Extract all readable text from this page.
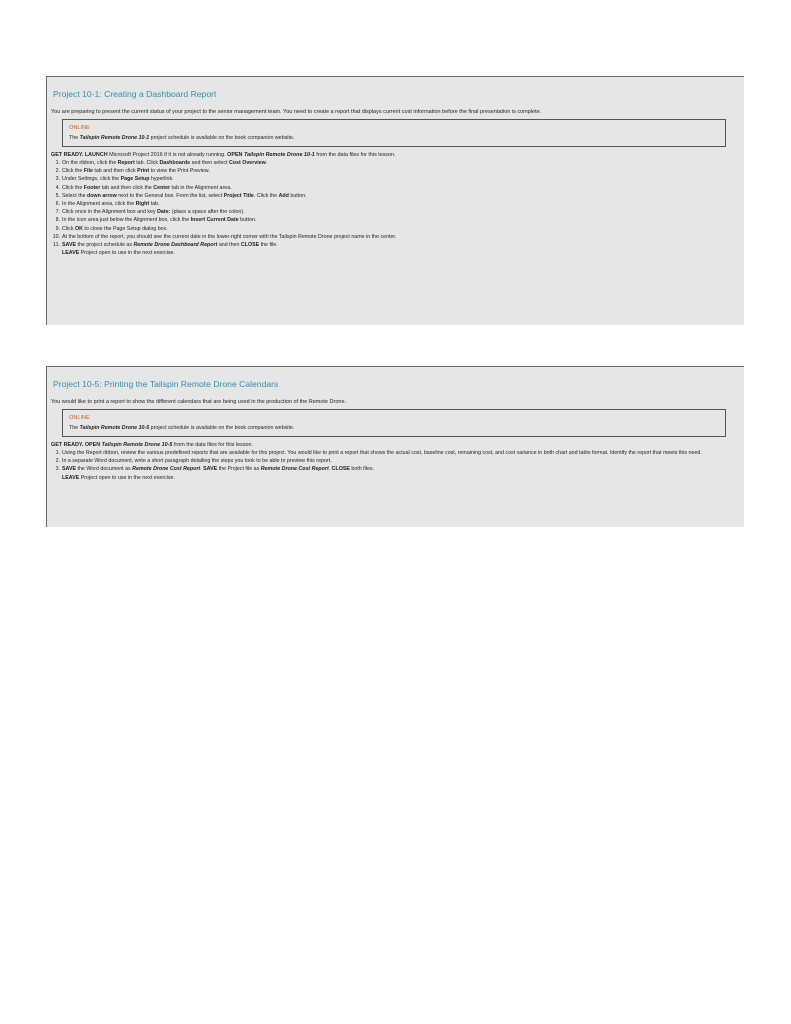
Project 10-1: Creating a Dashboard Report
You are preparing to present the current status of your project to the senior management team. You need to create a report that displays current cost information before the final presentation is complete.
ONLINE
The Tailspin Remote Drone 10-1 project schedule is available on the book companion website.
GET READY. LAUNCH Microsoft Project 2016 if it is not already running. OPEN Tailspin Remote Drone 10-1 from the data files for this lesson.
1. On the ribbon, click the Report tab. Click Dashboards and then select Cost Overview.
2. Click the File tab and then click Print to view the Print Preview.
3. Under Settings, click the Page Setup hyperlink.
4. Click the Footer tab and then click the Center tab in the Alignment area.
5. Select the down arrow next to the General box. From the list, select Project Title. Click the Add button.
6. In the Alignment area, click the Right tab.
7. Click once in the Alignment box and key Date: (place a space after the colon).
8. In the icon area just below the Alignment box, click the Insert Current Date button.
9. Click OK to close the Page Setup dialog box.
10. At the bottom of the report, you should see the current date in the lower-right corner with the Tailspin Remote Drone project name in the center.
11. SAVE the project schedule as Remote Drone Dashboard Report and then CLOSE the file.
LEAVE Project open to use in the next exercise.
Project 10-5: Printing the Tailspin Remote Drone Calendars
You would like to print a report to show the different calendars that are being used in the production of the Remote Drone.
ONLINE
The Tailspin Remote Drone 10-5 project schedule is available on the book companion website.
GET READY. OPEN Tailspin Remote Drone 10-5 from the data files for this lesson.
1. Using the Report ribbon, review the various predefined reports that are available for this project. You would like to print a report that shows the actual cost, baseline cost, remaining cost, and cost variance in both chart and table format. Identify the report that meets this need.
2. In a separate Word document, write a short paragraph detailing the steps you took to be able to preview this report.
3. SAVE the Word document as Remote Drone Cost Report. SAVE the Project file as Remote Drone Cost Report. CLOSE both files.
LEAVE Project open to use in the next exercise.
